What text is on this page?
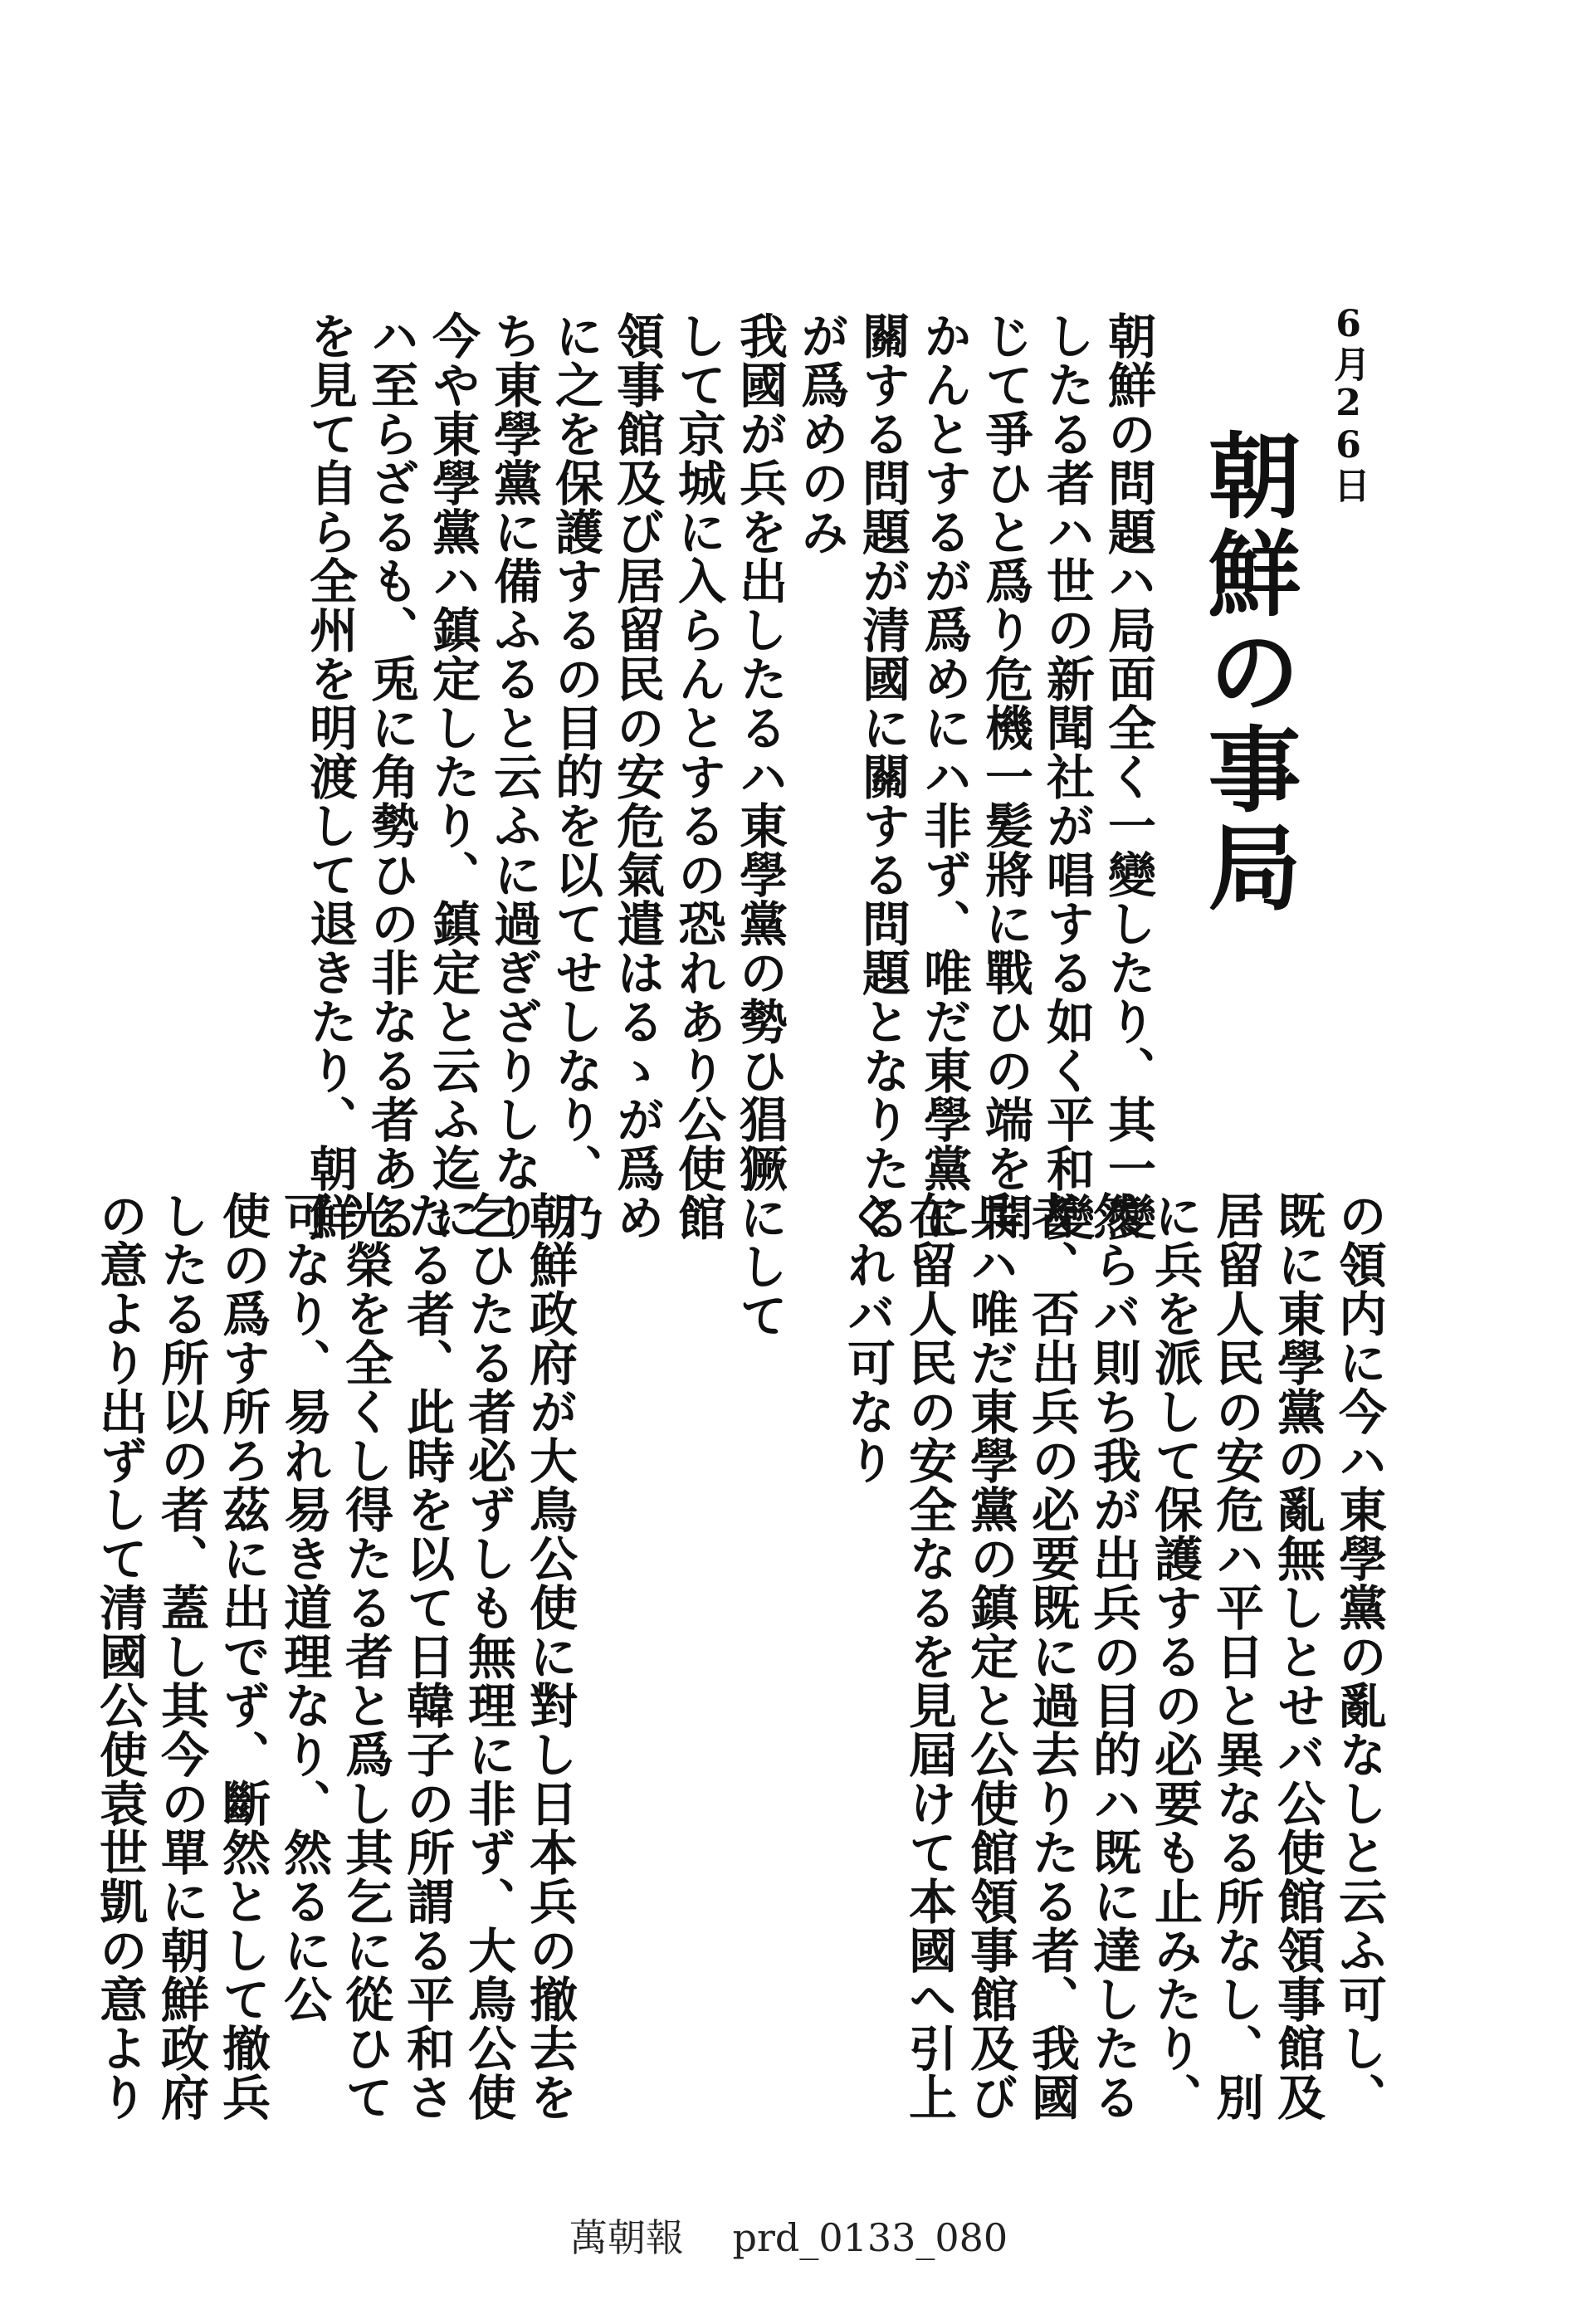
6月26日
朝鮮の事局
朝鮮の問題ハ局面全く一變したり、其一變
したる者ハ世の新聞社が唱する如く平和變
じて爭ひと爲り危機一髪將に戰ひの端を開
かんとするが爲めにハ非ず、唯だ東學黨に
關する問題が清國に關する問題となりたる
が爲めのみ
我國が兵を出したるハ東學黨の勢ひ猖獗にして
して京城に入らんとするの恐れあり公使館
領事館及び居留民の安危氣遣はるゝが爲め
に之を保護するの目的を以てせしなり、乃
ち東學黨に備ふると云ふに過ぎざりしなり
今や東學黨ハ鎮定したり、鎮定と云ふ迄に
ハ至らざるも、兎に角勢ひの非なる者ある
を見て自ら全州を明渡して退きたり、朝鮮
の領内に今ハ東學黨の亂なしと云ふ可し、
既に東學黨の亂無しとせバ公使館領事館及
居留人民の安危ハ平日と異なる所なし、別
に兵を派して保護するの必要も止みたり、
然らバ則ち我が出兵の目的ハ既に達したる
者、否出兵の必要既に過去りたる者、我國
兵ハ唯だ東學黨の鎮定と公使館領事館及び
在留人民の安全なるを見屆けて本國へ引上
ぐれバ可なり
朝鮮政府が大鳥公使に對し日本兵の撤去を
乞ひたる者必ずしも無理に非ず、大鳥公使
たる者、此時を以て日韓子の所謂る平和さ
光榮を全くし得たる者と爲し其乞に從ひて
可なり、易れ易き道理なり、然るに公
使の爲す所ろ茲に出でず、斷然として撤兵
したる所以の者、蓋し其今の單に朝鮮政府
の意より出ずして清國公使袁世凱の意より
萬朝報 prd_0133_080
